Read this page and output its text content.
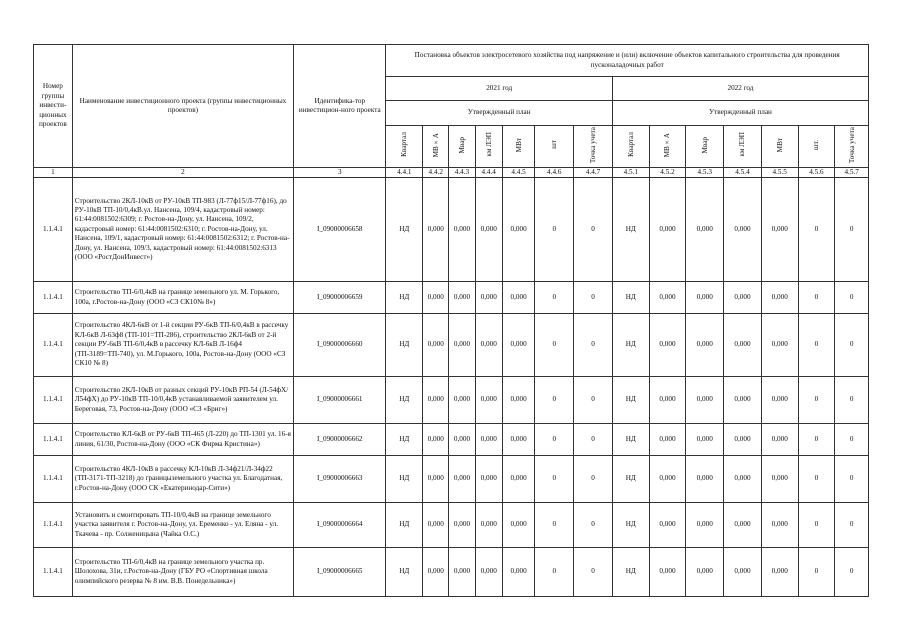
Номер группы инвести-ционных проектов	Наименование инвестиционного проекта (группы инвестиционных проектов)	Идентифика-тор инвестицион-ного проекта	Постановка объектов электросетевого хозяйства под напряжение и (или) включение объектов капитального строительства для проведения пусконаладочных работ													
			2021 год							2022 год						
			Утвержденный план							Утвержденный план						
			Квартал	МВ×А	Мвар	км ЛЭП	МВт	шт	Точка учета	Квартал	МВ×А	Мвар	км ЛЭП	МВт	шт.	Точка учета
1	2	3	4.4.1	4.4.2	4.4.3	4.4.4	4.4.5	4.4.6	4.4.7	4.5.1	4.5.2	4.5.3	4.5.4	4.5.5	4.5.6	4.5.7
1.1.4.1	Строительство 2КЛ-10кВ от РУ-10кВ ТП-983 (Л-77ф15/Л-77ф16), до РУ-10кВ ТП-10/0,4кВ.ул. Нансена, 109/4, кадастровый номер: 61:44:0081502:6309; г. Ростов-на-Дону, ул. Нансена, 109/2, кадастровый номер: 61:44:0081502:6310; г. Ростов-на-Дону, ул. Нансена, 109/1, кадастровый номер: 61:44:0081502:6312; г. Ростов-на-Дону, ул. Нансена, 109/3, кадастровый номер: 61:44:0081502:6313 (ООО «РостДонИнвест»)	I_09000006658	НД	0,000	0,000	0,000	0,000	0	0	НД	0,000	0,000	0,000	0,000	0	0
1.1.4.1	Строительство ТП-6/0,4кВ на границе земельного ул. М. Горького, 100а, г.Ростов-на-Дону (ООО «СЗ СК10№ 8»)	I_09000006659	НД	0,000	0,000	0,000	0,000	0	0	НД	0,000	0,000	0,000	0,000	0	0
1.1.4.1	Строительство 4КЛ-6кВ от 1-й секции РУ-6кВ ТП-6/0,4кВ в рассечку КЛ-6кВ Л-63ф8 (ТП-101=ТП-286), строительство 2КЛ-6кВ от 2-й секции РУ-6кВ ТП-6/0,4кВ в рассечку КЛ-6кВ Л-16ф4 (ТП-3189=ТП-740), ул. М.Горького, 100а, Ростов-на-Дону (ООО «СЗ СК10 № 8)	I_09000006660	НД	0,000	0,000	0,000	0,000	0	0	НД	0,000	0,000	0,000	0,000	0	0
1.1.4.1	Строительство 2КЛ-10кВ от разных секций РУ-10кВ РП-54 (Л-54фХ/Л54фХ) до РУ-10кВ ТП-10/0,4кВ устанавливаемой заявителем ул. Береговая, 73, Ростов-на-Дону (ООО «СЗ «Бриг»)	I_09000006661	НД	0,000	0,000	0,000	0,000	0	0	НД	0,000	0,000	0,000	0,000	0	0
1.1.4.1	Строительство КЛ-6кВ от РУ-6кВ ТП-465 (Л-220) до ТП-1301 ул. 16-я линия, 61/30, Ростов-на-Дону (ООО «СК Фирма Кристина»)	I_09000006662	НД	0,000	0,000	0,000	0,000	0	0	НД	0,000	0,000	0,000	0,000	0	0
1.1.4.1	Строительство 4КЛ-10кВ в рассечку КЛ-10кВ Л-34ф21/Л-34ф22 (ТП-3171-ТП-3218) до границыземельного участка ул. Благодатная, г.Ростов-на-Дону (ООО СК «Екатеринодар-Сити»)	I_09000006663	НД	0,000	0,000	0,000	0,000	0	0	НД	0,000	0,000	0,000	0,000	0	0
1.1.4.1	Установить и смонтировать ТП-10/0,4кВ на границе земельного участка заявителя г. Ростов-на-Дону, ул. Еременко - ул. Еляна - ул. Ткачева - пр. Солженицына (Чайка О.С.)	I_09000006664	НД	0,000	0,000	0,000	0,000	0	0	НД	0,000	0,000	0,000	0,000	0	0
1.1.4.1	Строительство ТП-6/0,4кВ на границе земельного участка пр. Шолохова, 31и, г.Ростов-на-Дону (ГБУ РО «Спортивная школа олимпийского резерва № 8 им. В.В. Понедельника»)	I_09000006665	НД	0,000	0,000	0,000	0,000	0	0	НД	0,000	0,000	0,000	0,000	0	0
